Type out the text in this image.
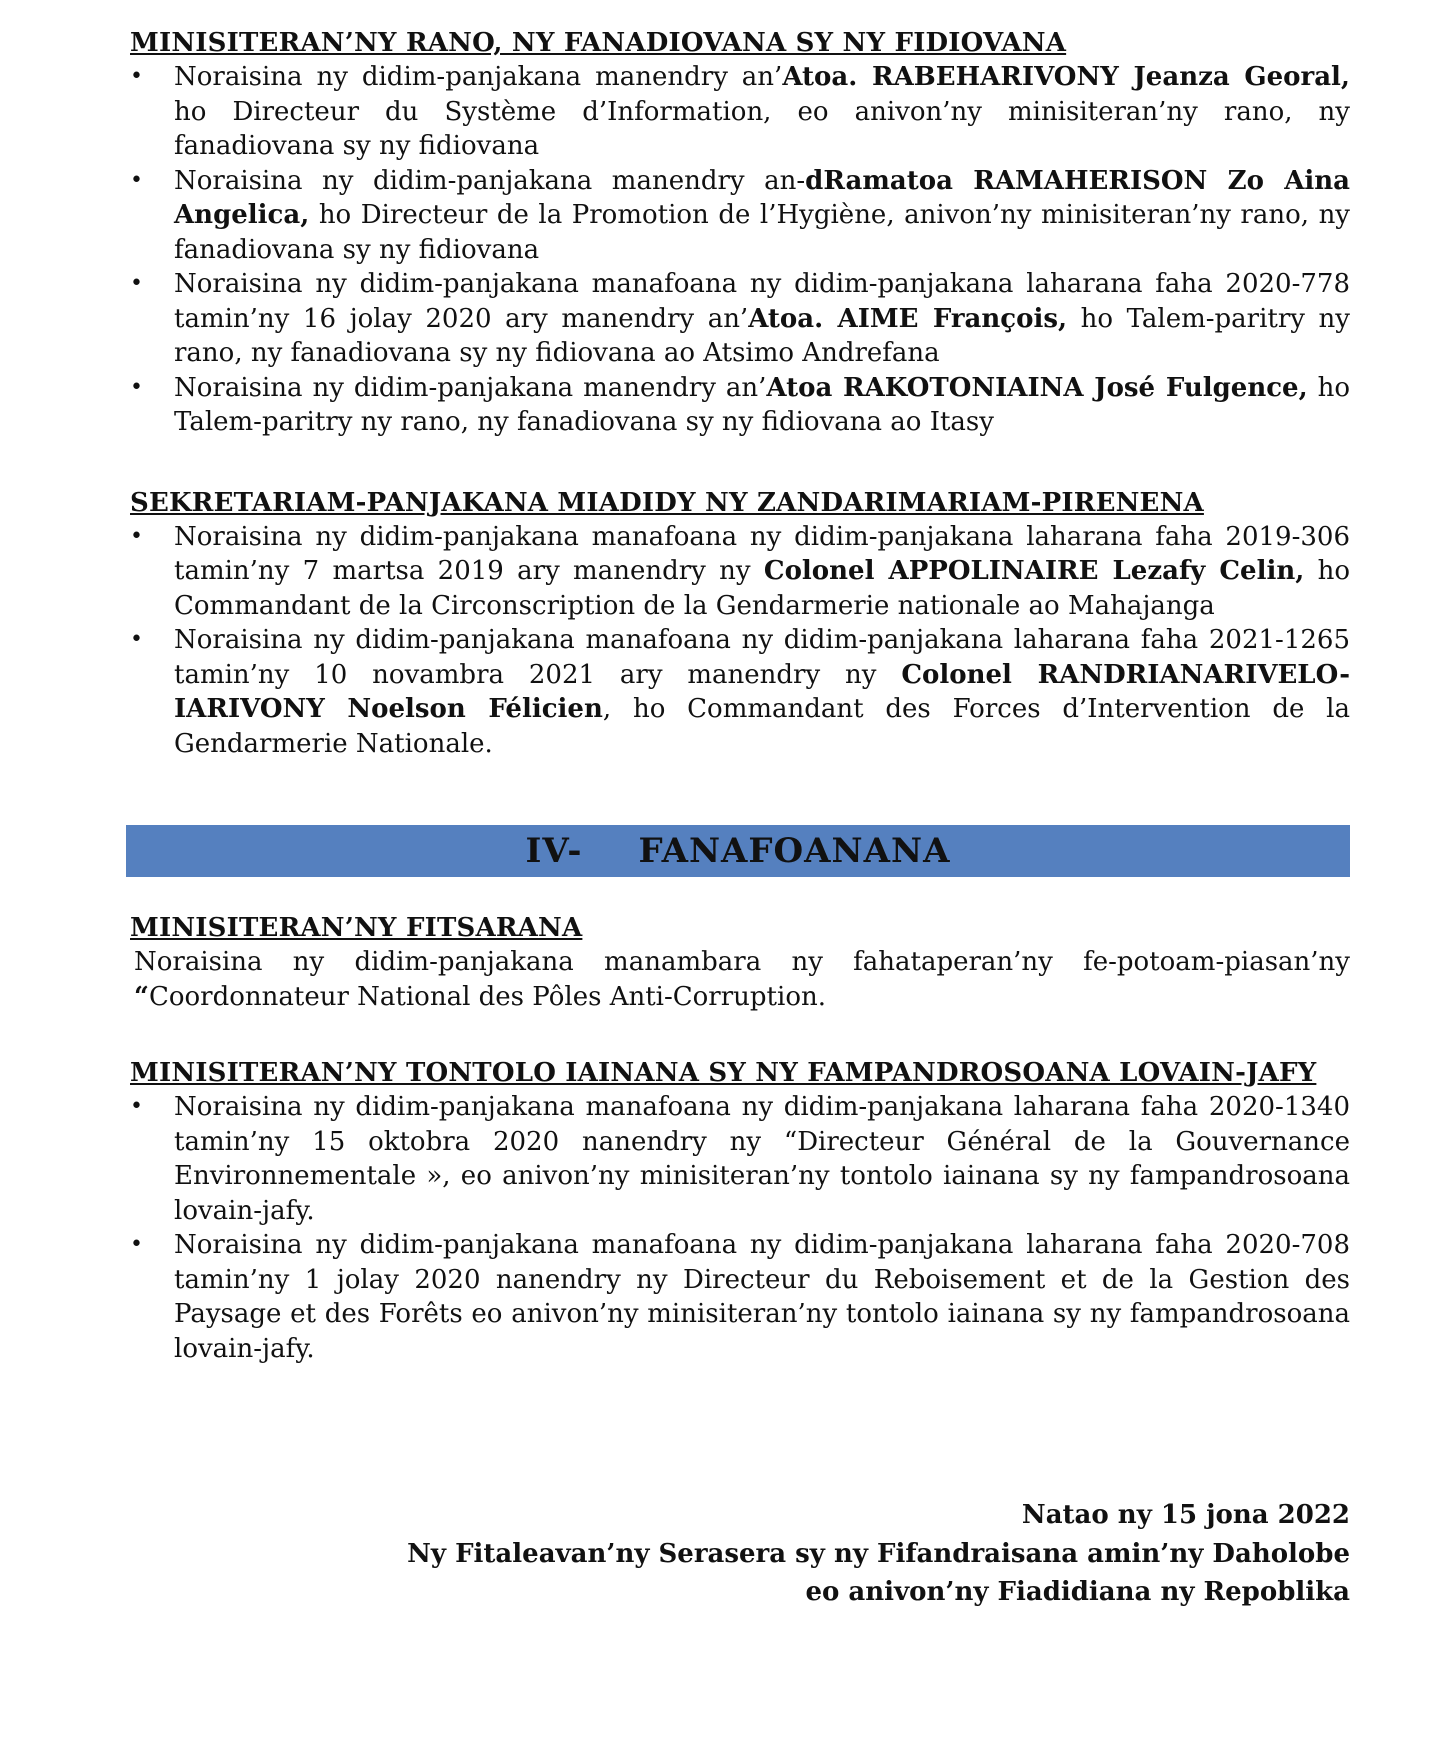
MINISITERAN’NY RANO, NY FANADIOVANA SY NY FIDIOVANA
•	Noraisina ny didim-panjakana manendry an’Atoa. RABEHARIVONY Jeanza Georal, ho Directeur du Système d’Information, eo anivon’ny minisiteran’ny rano, ny fanadiovana sy ny fidiovana
•	Noraisina ny didim-panjakana manendry an-dRamatoa RAMAHERISON Zo Aina Angelica, ho Directeur de la Promotion de l’Hygiène, anivon’ny minisiteran’ny rano, ny fanadiovana sy ny fidiovana
•	Noraisina ny didim-panjakana manafoana ny didim-panjakana laharana faha 2020-778 tamin’ny 16 jolay 2020 ary manendry an’Atoa. AIME François, ho Talem-paritry ny rano, ny fanadiovana sy ny fidiovana ao Atsimo Andrefana
•	Noraisina ny didim-panjakana manendry an’Atoa RAKOTONIAINA José Fulgence, ho Talem-paritry ny rano, ny fanadiovana sy ny fidiovana ao Itasy
SEKRETARIAM-PANJAKANA MIADIDY NY ZANDARIMARIAM-PIRENENA
•	Noraisina ny didim-panjakana manafoana ny didim-panjakana laharana faha 2019-306 tamin’ny 7 martsa 2019 ary manendry ny Colonel APPOLINAIRE Lezafy Celin, ho Commandant de la Circonscription de la Gendarmerie nationale ao Mahajanga
•	Noraisina ny didim-panjakana manafoana ny didim-panjakana laharana faha 2021-1265 tamin’ny 10 novambra 2021 ary manendry ny Colonel RANDRIANARIVELO-IARIVONY Noelson Félicien, ho Commandant des Forces d’Intervention de la Gendarmerie Nationale.
IV- FANAFOANANA
MINISITERAN’NY FITSARANA
Noraisina ny didim-panjakana manambara ny fahataperan’ny fe-potoam-piasan’ny “Coordonnateur National des Pôles Anti-Corruption.
MINISITERAN’NY TONTOLO IAINANA SY NY FAMPANDROSOANA LOVAIN-JAFY
•	Noraisina ny didim-panjakana manafoana ny didim-panjakana laharana faha 2020-1340 tamin’ny 15 oktobra 2020 nanendry ny “Directeur Général de la Gouvernance Environnementale », eo anivon’ny minisiteran’ny tontolo iainana sy ny fampandrosoana lovain-jafy.
•	Noraisina ny didim-panjakana manafoana ny didim-panjakana laharana faha 2020-708 tamin’ny 1 jolay 2020 nanendry ny Directeur du Reboisement et de la Gestion des Paysage et des Forêts eo anivon’ny minisiteran’ny tontolo iainana sy ny fampandrosoana lovain-jafy.
Natao ny 15 jona 2022
Ny Fitaleavan’ny Serasera sy ny Fifandraisana amin’ny Daholobe
eo anivon’ny Fiadidiana ny Repoblika
